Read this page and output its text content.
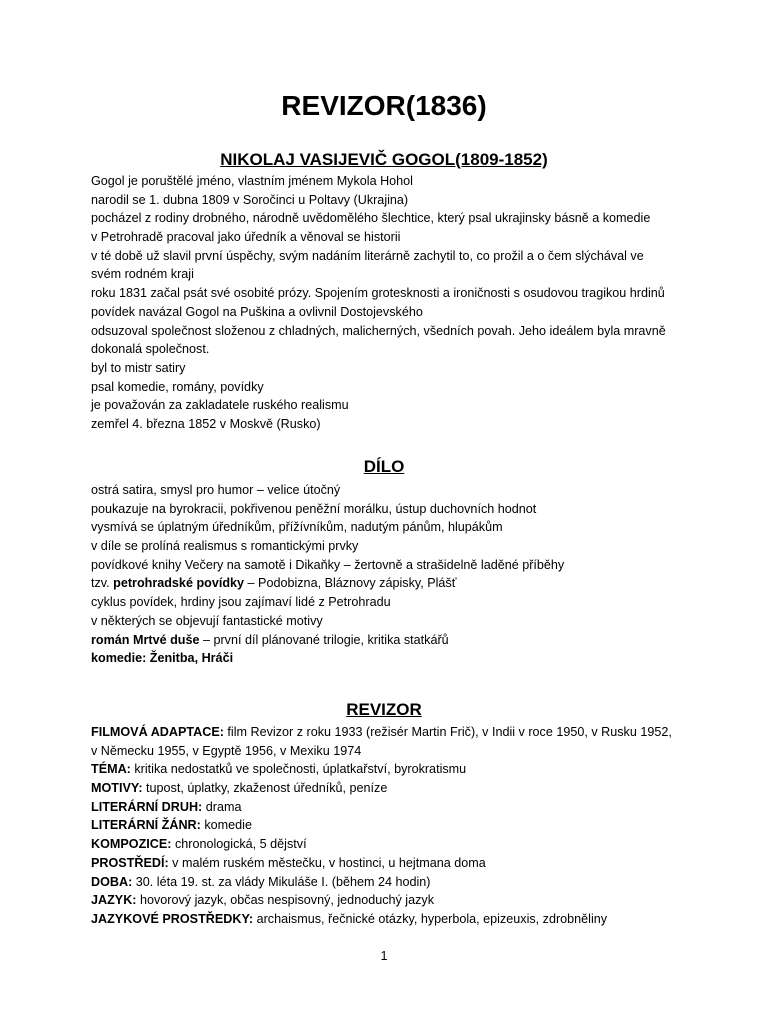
REVIZOR(1836)
NIKOLAJ VASIJEVIČ GOGOL(1809-1852)
Gogol je poruštělé jméno, vlastním jménem Mykola Hohol
narodil se 1. dubna 1809 v Soročinci u Poltavy (Ukrajina)
pocházel z rodiny drobného, národně uvědomělého šlechtice, který psal ukrajinsky básně a komedie
v Petrohradě pracoval jako úředník a věnoval se historii
v té době už slavil první úspěchy, svým nadáním literárně zachytil to, co prožil a o čem slýchával ve svém rodném kraji
roku 1831 začal psát své osobité prózy. Spojením grotesknosti a ironičnosti s osudovou tragikou hrdinů povídek navázal Gogol na Puškina a ovlivnil Dostojevského
odsuzoval společnost složenou z chladných, malicherných, všedních povah. Jeho ideálem byla mravně dokonalá společnost.
byl to mistr satiry
psal komedie, romány, povídky
je považován za zakladatele ruského realismu
zemřel 4. března 1852 v Moskvě (Rusko)
DÍLO
ostrá satira, smysl pro humor – velice útočný
poukazuje na byrokracii, pokřivenou peněžní morálku, ústup duchovních hodnot
vysmívá se úplatným úředníkům, přížívníkům, nadutým pánům, hlupákům
v díle se prolíná realismus s romantickými prvky
povídkové knihy Večery na samotě i Dikaňky – žertovně a strašidelně laděné příběhy
tzv. petrohradské povídky – Podobizna, Bláznovy zápisky, Plášť
cyklus povídek, hrdiny jsou zajímaví lidé z Petrohradu
v některých se objevují fantastické motivy
román Mrtvé duše – první díl plánované trilogie, kritika statkářů
komedie: Ženitba, Hráči
REVIZOR
FILMOVÁ ADAPTACE: film Revizor z roku 1933 (režisér Martin Frič), v Indii v roce 1950, v Rusku 1952,
v Německu 1955, v Egyptě 1956, v Mexiku 1974
TÉMA: kritika nedostatků ve společnosti, úplatkařství, byrokratismu
MOTIVY: tupost, úplatky, zkaženost úředníků, peníze
LITERÁRNÍ DRUH: drama
LITERÁRNÍ ŽÁNR: komedie
KOMPOZICE: chronologická, 5 dějství
PROSTŘEDÍ: v malém ruském městečku, v hostinci, u hejtmana doma
DOBA: 30. léta 19. st. za vlády Mikuláše I. (během 24 hodin)
JAZYK: hovorový jazyk, občas nespisovný, jednoduchý jazyk
JAZYKOVÉ PROSTŘEDKY: archaismus, řečnické otázky, hyperbola, epizeuxis, zdrobněliny
1
